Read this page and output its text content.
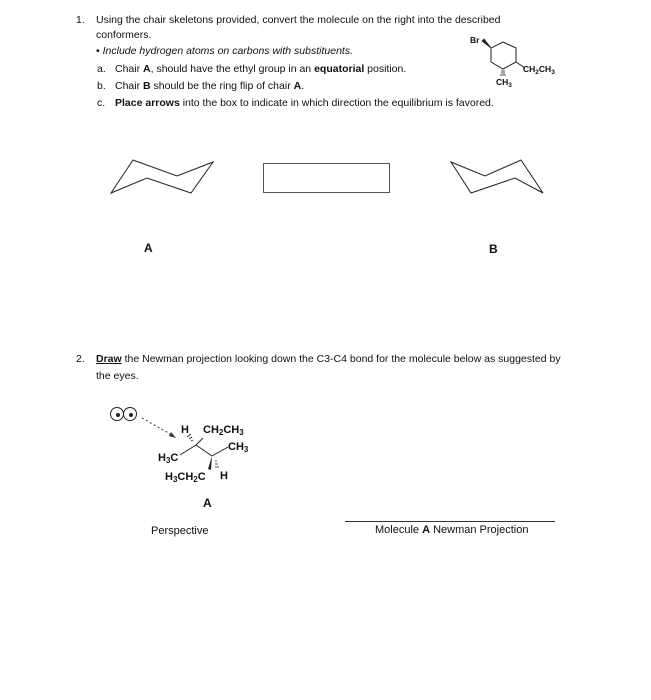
1. Using the chair skeletons provided, convert the molecule on the right into the described
conformers.
• Include hydrogen atoms on carbons with substituents.
a. Chair A, should have the ethyl group in an equatorial position.
b. Chair B should be the ring flip of chair A.
c. Place arrows into the box to indicate in which direction the equilibrium is favored.
Br
$CH_2CH_3$
$CH_3$
A	B
2. Draw the Newman projection looking down the C3-C4 bond for the molecule below as suggested by
the eyes.
H $CH_2CH_3$
$CH_3$
$H_3C$
$H_3CH_2C$ H
A
Perspective	Molecule A Newman Projection
